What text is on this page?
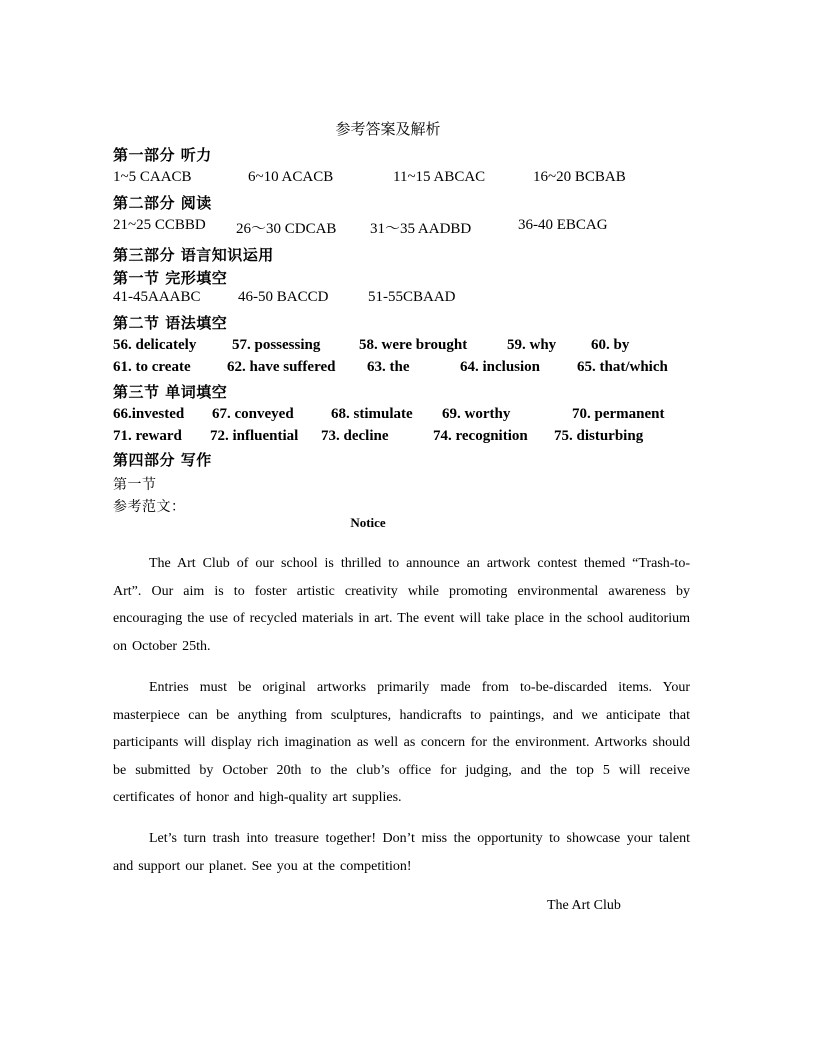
参考答案及解析
第一部分 听力
1~5 CAACB	6~10 ACACB	11~15 ABCAC	16~20 BCBAB
第二部分 阅读
21~25 CCBBD 26～30 CDCAB 31～35 AADBD	36-40 EBCAG
第三部分 语言知识运用
第一节 完形填空
41-45AAABC 46-50 BACCD	51-55CBAAD
第二节 语法填空
56. delicately 57. possessing	58. were brought	59. why 60. by
61. to create 62. have suffered 63. the	64. inclusion 65. that/which
第三节 单词填空
66.invested 67. conveyed 68. stimulate 69. worthy	70. permanent
71. reward 72. influential 73. decline	74. recognition 75. disturbing
第四部分 写作
第一节
参考范文：
Notice
The Art Club of our school is thrilled to announce an artwork contest themed “Trash-to-Art”. Our aim is to foster artistic creativity while promoting environmental awareness by encouraging the use of recycled materials in art. The event will take place in the school auditorium on October 25th.
Entries must be original artworks primarily made from to-be-discarded items. Your masterpiece can be anything from sculptures, handicrafts to paintings, and we anticipate that participants will display rich imagination as well as concern for the environment. Artworks should be submitted by October 20th to the club’s office for judging, and the top 5 will receive certificates of honor and high-quality art supplies.
Let’s turn trash into treasure together! Don’t miss the opportunity to showcase your talent and support our planet. See you at the competition!
The Art Club
